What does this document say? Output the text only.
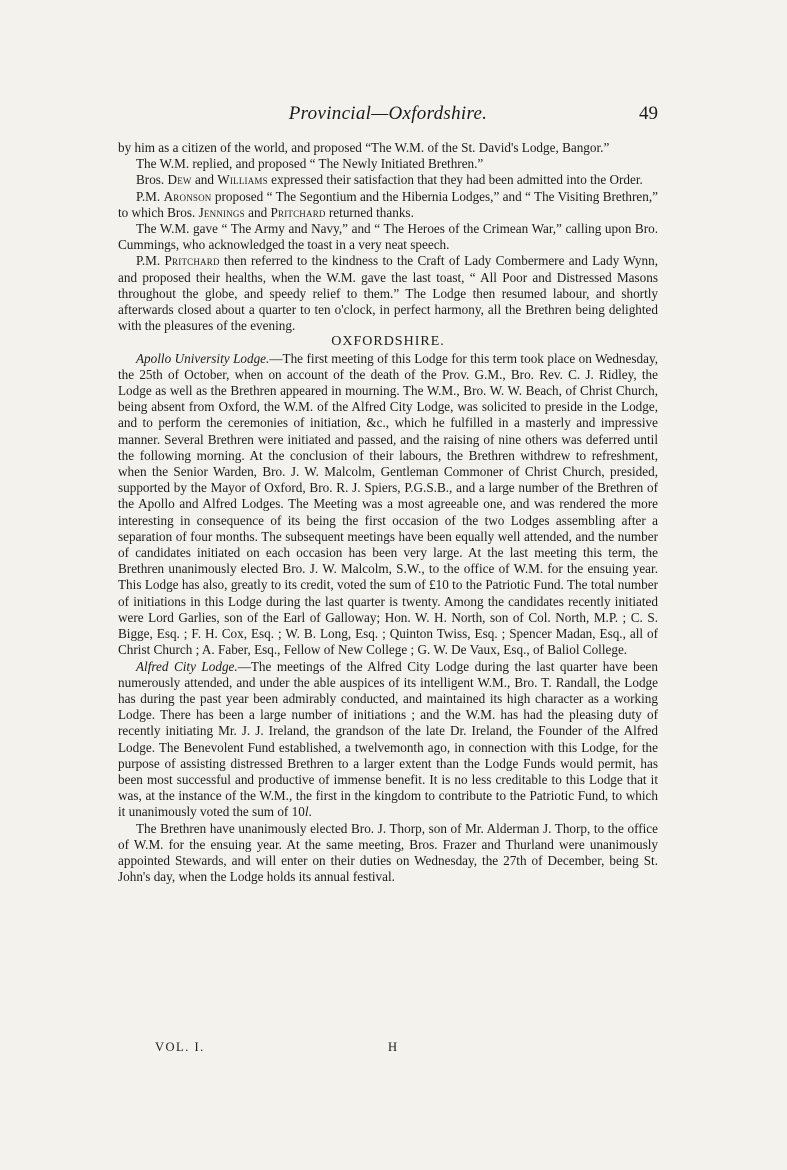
Provincial—Oxfordshire.	49

by him as a citizen of the world, and proposed “The W.M. of the St. David's Lodge, Bangor.”

The W.M. replied, and proposed “ The Newly Initiated Brethren.”

Bros. Dew and Williams expressed their satisfaction that they had been admitted into the Order.

P.M. Aronson proposed “ The Segontium and the Hibernia Lodges,” and “ The Visiting Brethren,” to which Bros. Jennings and Pritchard returned thanks.

The W.M. gave “ The Army and Navy,” and “ The Heroes of the Crimean War,” calling upon Bro. Cummings, who acknowledged the toast in a very neat speech.

P.M. Pritchard then referred to the kindness to the Craft of Lady Combermere and Lady Wynn, and proposed their healths, when the W.M. gave the last toast, “ All Poor and Distressed Masons throughout the globe, and speedy relief to them.” The Lodge then resumed labour, and shortly afterwards closed about a quarter to ten o'clock, in perfect harmony, all the Brethren being delighted with the pleasures of the evening.

OXFORDSHIRE.

Apollo University Lodge.—The first meeting of this Lodge for this term took place on Wednesday, the 25th of October, when on account of the death of the Prov. G.M., Bro. Rev. C. J. Ridley, the Lodge as well as the Brethren appeared in mourning. The W.M., Bro. W. W. Beach, of Christ Church, being absent from Oxford, the W.M. of the Alfred City Lodge, was solicited to preside in the Lodge, and to perform the ceremonies of initiation, &c., which he fulfilled in a masterly and impressive manner. Several Brethren were initiated and passed, and the raising of nine others was deferred until the following morning. At the conclusion of their labours, the Brethren withdrew to refreshment, when the Senior Warden, Bro. J. W. Malcolm, Gentleman Commoner of Christ Church, presided, supported by the Mayor of Oxford, Bro. R. J. Spiers, P.G.S.B., and a large number of the Brethren of the Apollo and Alfred Lodges. The Meeting was a most agreeable one, and was rendered the more interesting in consequence of its being the first occasion of the two Lodges assembling after a separation of four months. The subsequent meetings have been equally well attended, and the number of candidates initiated on each occasion has been very large. At the last meeting this term, the Brethren unanimously elected Bro. J. W. Malcolm, S.W., to the office of W.M. for the ensuing year. This Lodge has also, greatly to its credit, voted the sum of £10 to the Patriotic Fund. The total number of initiations in this Lodge during the last quarter is twenty. Among the candidates recently initiated were Lord Garlies, son of the Earl of Galloway; Hon. W. H. North, son of Col. North, M.P. ; C. S. Bigge, Esq. ; F. H. Cox, Esq. ; W. B. Long, Esq. ; Quinton Twiss, Esq. ; Spencer Madan, Esq., all of Christ Church ; A. Faber, Esq., Fellow of New College ; G. W. De Vaux, Esq., of Baliol College.

Alfred City Lodge.—The meetings of the Alfred City Lodge during the last quarter have been numerously attended, and under the able auspices of its intelligent W.M., Bro. T. Randall, the Lodge has during the past year been admirably conducted, and maintained its high character as a working Lodge. There has been a large number of initiations ; and the W.M. has had the pleasing duty of recently initiating Mr. J. J. Ireland, the grandson of the late Dr. Ireland, the Founder of the Alfred Lodge. The Benevolent Fund established, a twelvemonth ago, in connection with this Lodge, for the purpose of assisting distressed Brethren to a larger extent than the Lodge Funds would permit, has been most successful and productive of immense benefit. It is no less creditable to this Lodge that it was, at the instance of the W.M., the first in the kingdom to contribute to the Patriotic Fund, to which it unanimously voted the sum of 10l.

The Brethren have unanimously elected Bro. J. Thorp, son of Mr. Alderman J. Thorp, to the office of W.M. for the ensuing year. At the same meeting, Bros. Frazer and Thurland were unanimously appointed Stewards, and will enter on their duties on Wednesday, the 27th of December, being St. John's day, when the Lodge holds its annual festival.

VOL. I.	H
